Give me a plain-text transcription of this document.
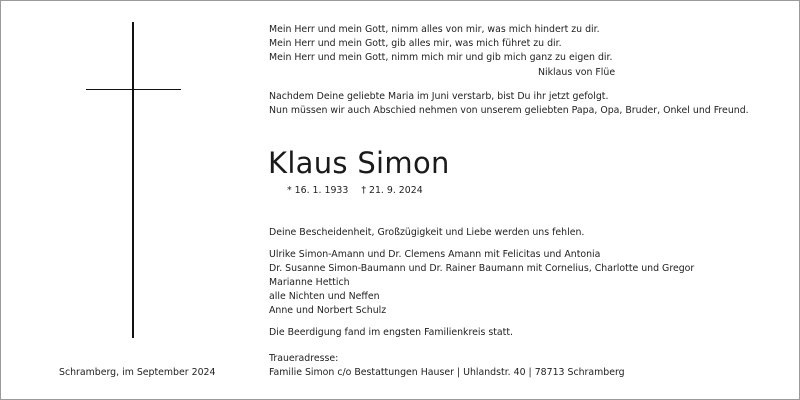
Mein Herr und mein Gott, nimm alles von mir, was mich hindert zu dir.
Mein Herr und mein Gott, gib alles mir, was mich führet zu dir.
Mein Herr und mein Gott, nimm mich mir und gib mich ganz zu eigen dir.
Niklaus von Flüe
Nachdem Deine geliebte Maria im Juni verstarb, bist Du ihr jetzt gefolgt.
Nun müssen wir auch Abschied nehmen von unserem geliebten Papa, Opa, Bruder, Onkel und Freund.
Klaus Simon
* 16. 1. 1933 † 21. 9. 2024
Deine Bescheidenheit, Großzügigkeit und Liebe werden uns fehlen.
Ulrike Simon-Amann und Dr. Clemens Amann mit Felicitas und Antonia
Dr. Susanne Simon-Baumann und Dr. Rainer Baumann mit Cornelius, Charlotte und Gregor
Marianne Hettich
alle Nichten und Neffen
Anne und Norbert Schulz
Die Beerdigung fand im engsten Familienkreis statt.
Traueradresse:
Familie Simon c/o Bestattungen Hauser | Uhlandstr. 40 | 78713 Schramberg
Schramberg, im September 2024
